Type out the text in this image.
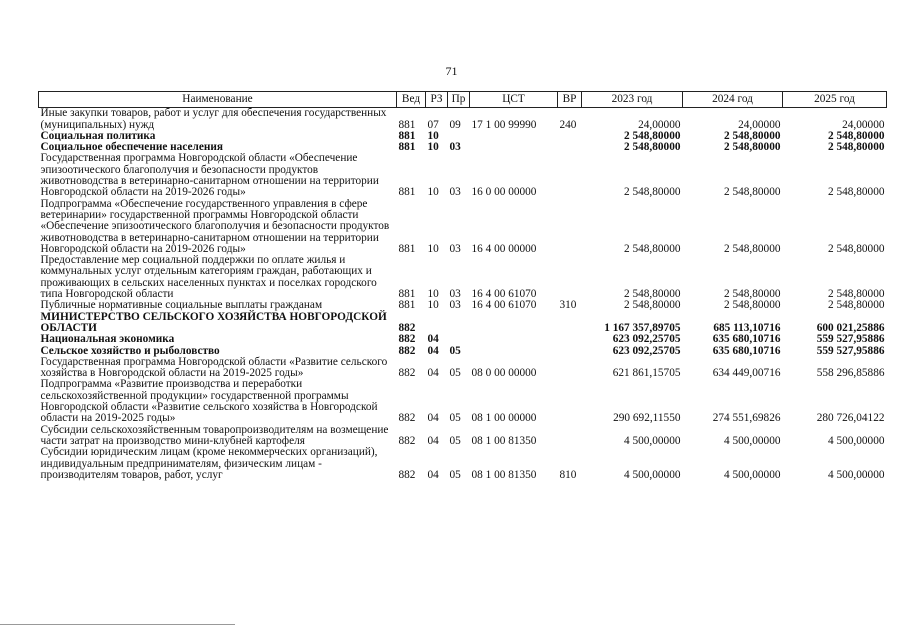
71
Наименование	Вед	РЗ	Пр	ЦСТ	ВР	2023 год	2024 год	2025 год
Иные закупки товаров, работ и услуг для обеспечения государственных (муниципальных) нужд	881	07	09	17 1 00 99990	240	24,00000	24,00000	24,00000
Социальная политика	881	10				2 548,80000	2 548,80000	2 548,80000
Социальное обеспечение населения	881	10	03			2 548,80000	2 548,80000	2 548,80000
Государственная программа Новгородской области «Обеспечение эпизоотического благополучия и безопасности продуктов животноводства в ветеринарно-санитарном отношении на территории Новгородской области на 2019-2026 годы»	881	10	03	16 0 00 00000		2 548,80000	2 548,80000	2 548,80000
Подпрограмма «Обеспечение государственного управления в сфере ветеринарии» государственной программы Новгородской области «Обеспечение эпизоотического благополучия и безопасности продуктов животноводства в ветеринарно-санитарном отношении на территории Новгородской области на 2019-2026 годы»	881	10	03	16 4 00 00000		2 548,80000	2 548,80000	2 548,80000
Предоставление мер социальной поддержки по оплате жилья и коммунальных услуг отдельным категориям граждан, работающих и проживающих в сельских населенных пунктах и поселках городского типа Новгородской области	881	10	03	16 4 00 61070		2 548,80000	2 548,80000	2 548,80000
Публичные нормативные социальные выплаты гражданам	881	10	03	16 4 00 61070	310	2 548,80000	2 548,80000	2 548,80000
МИНИСТЕРСТВО СЕЛЬСКОГО ХОЗЯЙСТВА НОВГОРОДСКОЙ ОБЛАСТИ	882					1 167 357,89705	685 113,10716	600 021,25886
Национальная экономика	882	04				623 092,25705	635 680,10716	559 527,95886
Сельское хозяйство и рыболовство	882	04	05			623 092,25705	635 680,10716	559 527,95886
Государственная программа Новгородской области «Развитие сельского хозяйства в Новгородской области на 2019-2025 годы»	882	04	05	08 0 00 00000		621 861,15705	634 449,00716	558 296,85886
Подпрограмма «Развитие производства и переработки сельскохозяйственной продукции» государственной программы Новгородской области «Развитие сельского хозяйства в Новгородской области на 2019-2025 годы»	882	04	05	08 1 00 00000		290 692,11550	274 551,69826	280 726,04122
Субсидии сельскохозяйственным товаропроизводителям на возмещение части затрат на производство мини-клубней картофеля	882	04	05	08 1 00 81350		4 500,00000	4 500,00000	4 500,00000
Субсидии юридическим лицам (кроме некоммерческих организаций), индивидуальным предпринимателям, физическим лицам - производителям товаров, работ, услуг	882	04	05	08 1 00 81350	810	4 500,00000	4 500,00000	4 500,00000
